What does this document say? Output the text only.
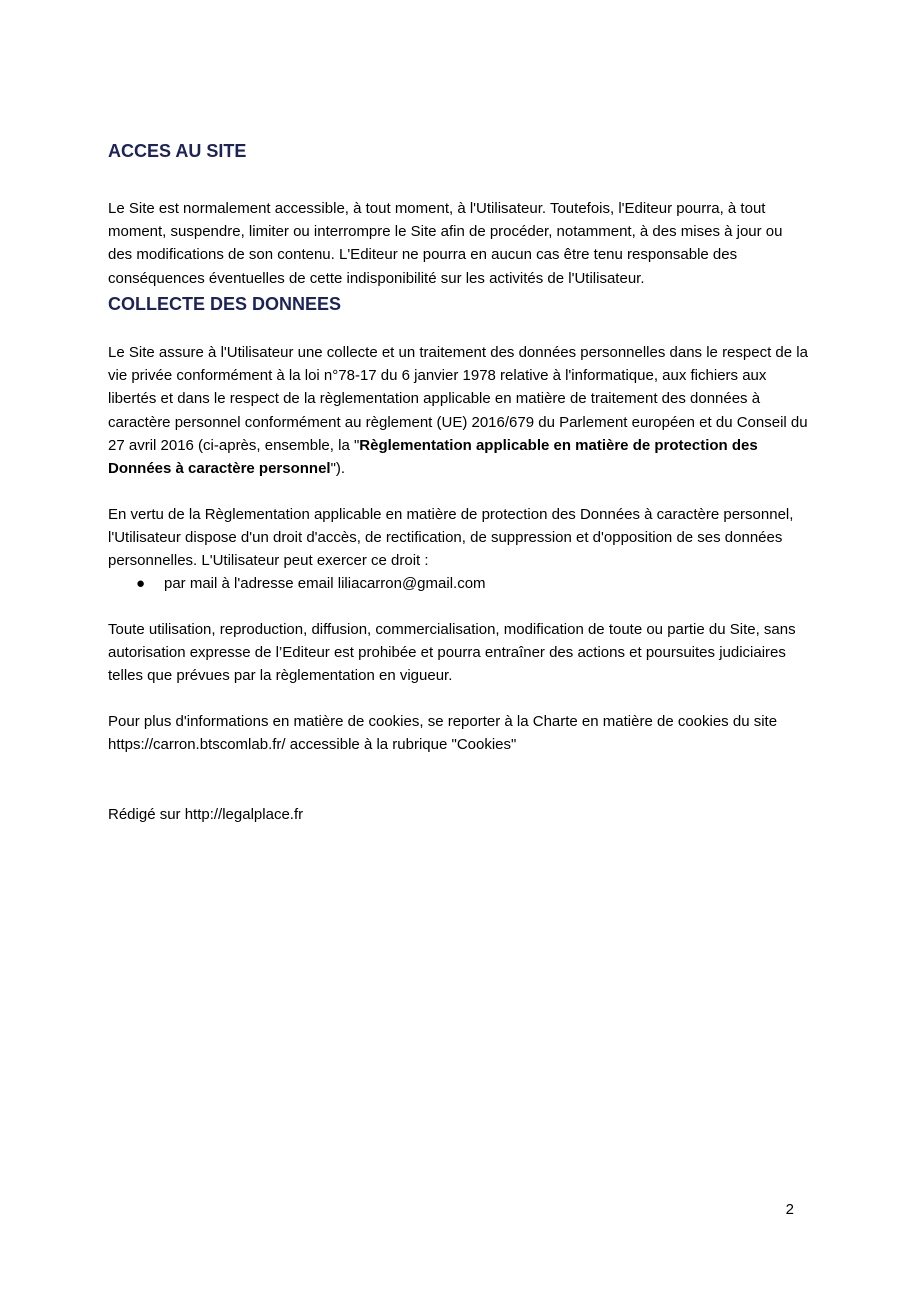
ACCES AU SITE

Le Site est normalement accessible, à tout moment, à l'Utilisateur. Toutefois, l'Editeur pourra, à tout moment, suspendre, limiter ou interrompre le Site afin de procéder, notamment, à des mises à jour ou des modifications de son contenu. L'Editeur ne pourra en aucun cas être tenu responsable des conséquences éventuelles de cette indisponibilité sur les activités de l'Utilisateur.

COLLECTE DES DONNEES

Le Site assure à l'Utilisateur une collecte et un traitement des données personnelles dans le respect de la vie privée conformément à la loi n°78-17 du 6 janvier 1978 relative à l'informatique, aux fichiers aux libertés et dans le respect de la règlementation applicable en matière de traitement des données à caractère personnel conformément au règlement (UE) 2016/679 du Parlement européen et du Conseil du 27 avril 2016 (ci-après, ensemble, la "Règlementation applicable en matière de protection des Données à caractère personnel").

En vertu de la Règlementation applicable en matière de protection des Données à caractère personnel, l'Utilisateur dispose d'un droit d'accès, de rectification, de suppression et d'opposition de ses données personnelles. L'Utilisateur peut exercer ce droit :

● par mail à l'adresse email liliacarron@gmail.com

Toute utilisation, reproduction, diffusion, commercialisation, modification de toute ou partie du Site, sans autorisation expresse de l’Editeur est prohibée et pourra entraîner des actions et poursuites judiciaires telles que prévues par la règlementation en vigueur.

Pour plus d'informations en matière de cookies, se reporter à la Charte en matière de cookies du site https://carron.btscomlab.fr/ accessible à la rubrique "Cookies"

Rédigé sur http://legalplace.fr

2
